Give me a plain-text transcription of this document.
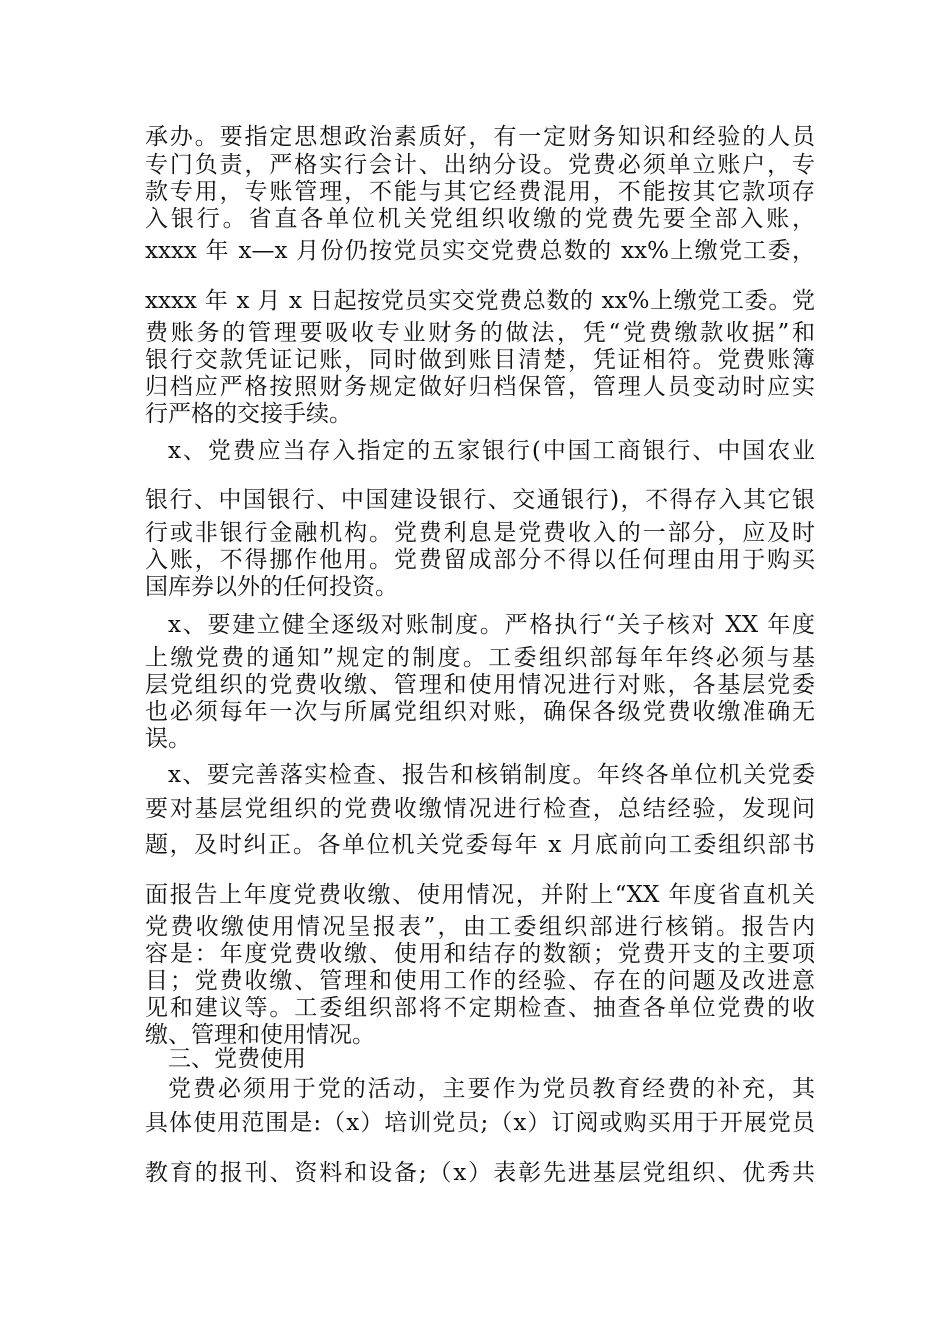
承办。要指定思想政治素质好，有一定财务知识和经验的人员
专门负责，严格实行会计、出纳分设。党费必须单立账户，专
款专用，专账管理，不能与其它经费混用，不能按其它款项存
入银行。省直各单位机关党组织收缴的党费先要全部入账，
xxxx 年 x—x 月份仍按党员实交党费总数的 xx%上缴党工委，
xxxx 年 x 月 x 日起按党员实交党费总数的 xx%上缴党工委。党
费账务的管理要吸收专业财务的做法，凭“党费缴款收据”和
银行交款凭证记账，同时做到账目清楚，凭证相符。党费账簿
归档应严格按照财务规定做好归档保管，管理人员变动时应实
行严格的交接手续。
x、党费应当存入指定的五家银行(中国工商银行、中国农业
银行、中国银行、中国建设银行、交通银行)，不得存入其它银
行或非银行金融机构。党费利息是党费收入的一部分，应及时
入账，不得挪作他用。党费留成部分不得以任何理由用于购买
国库券以外的任何投资。
x、要建立健全逐级对账制度。严格执行“关子核对 XX 年度
上缴党费的通知”规定的制度。工委组织部每年年终必须与基
层党组织的党费收缴、管理和使用情况进行对账，各基层党委
也必须每年一次与所属党组织对账，确保各级党费收缴准确无
误。
x、要完善落实检查、报告和核销制度。年终各单位机关党委
要对基层党组织的党费收缴情况进行检查，总结经验，发现问
题，及时纠正。各单位机关党委每年 x 月底前向工委组织部书
面报告上年度党费收缴、使用情况，并附上“XX 年度省直机关
党费收缴使用情况呈报表”，由工委组织部进行核销。报告内
容是：年度党费收缴、使用和结存的数额；党费开支的主要项
目；党费收缴、管理和使用工作的经验、存在的问题及改进意
见和建议等。工委组织部将不定期检查、抽查各单位党费的收
缴、管理和使用情况。
三、党费使用
党费必须用于党的活动，主要作为党员教育经费的补充，其
具体使用范围是:（x）培训党员;（x）订阅或购买用于开展党员
教育的报刊、资料和设备;（x）表彰先进基层党组织、优秀共
